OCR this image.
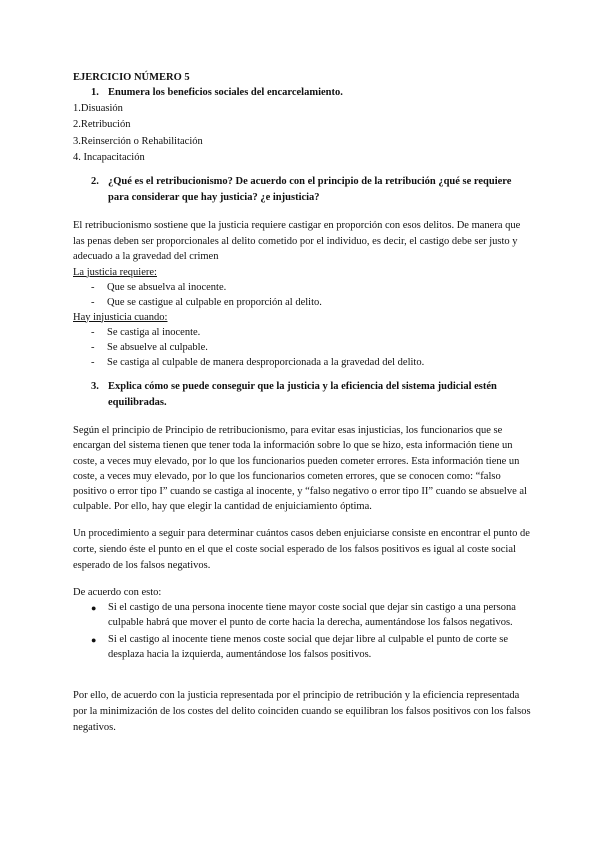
EJERCICIO NÚMERO 5
1. Enumera los beneficios sociales del encarcelamiento.
1.Disuasión
2.Retribución
3.Reinserción o Rehabilitación
4. Incapacitación
2. ¿Qué es el retribucionismo? De acuerdo con el principio de la retribución ¿qué se requiere para considerar que hay justicia? ¿e injusticia?
El retribucionismo sostiene que la justicia requiere castigar en proporción con esos delitos. De manera que las penas deben ser proporcionales al delito cometido por el individuo, es decir, el castigo debe ser justo y adecuado a la gravedad del crimen
La justicia requiere:
-	Que se absuelva al inocente.
-	Que se castigue al culpable en proporción al delito.
Hay injusticia cuando:
-	Se castiga al inocente.
-	Se absuelve al culpable.
-	Se castiga al culpable de manera desproporcionada a la gravedad del delito.
3. Explica cómo se puede conseguir que la justicia y la eficiencia del sistema judicial estén equilibradas.
Según el principio de Principio de retribucionismo, para evitar esas injusticias, los funcionarios que se encargan del sistema tienen que tener toda la información sobre lo que se hizo, esta información tiene un coste, a veces muy elevado, por lo que los funcionarios pueden cometer errores. Esta información tiene un coste, a veces muy elevado, por lo que los funcionarios cometen errores, que se conocen como: “falso positivo o error tipo I” cuando se castiga al inocente, y “falso negativo o error tipo II” cuando se absuelve al culpable. Por ello, hay que elegir la cantidad de enjuiciamiento óptima.
Un procedimiento a seguir para determinar cuántos casos deben enjuiciarse consiste en encontrar el punto de corte, siendo éste el punto en el que el coste social esperado de los falsos positivos es igual al coste social esperado de los falsos negativos.
De acuerdo con esto:
●	Si el castigo de una persona inocente tiene mayor coste social que dejar sin castigo a una persona culpable habrá que mover el punto de corte hacia la derecha, aumentándose los falsos negativos.
●	Si el castigo al inocente tiene menos coste social que dejar libre al culpable el punto de corte se desplaza hacia la izquierda, aumentándose los falsos positivos.
Por ello, de acuerdo con la justicia representada por el principio de retribución y la eficiencia representada por la minimización de los costes del delito coinciden cuando se equilibran los falsos positivos con los falsos negativos.
